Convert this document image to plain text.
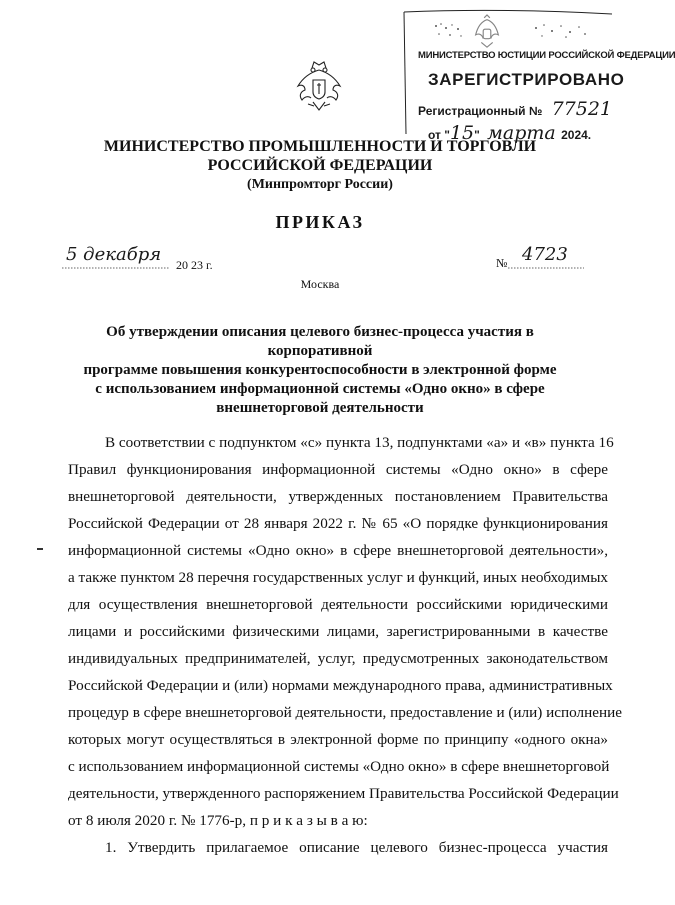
МИНИСТЕРСТВО ЮСТИЦИИ РОССИЙСКОЙ ФЕДЕРАЦИИ
ЗАРЕГИСТРИРОВАНО
Регистрационный № 77521
от "15" марта 2024.
МИНИСТЕРСТВО ПРОМЫШЛЕННОСТИ И ТОРГОВЛИ
РОССИЙСКОЙ ФЕДЕРАЦИИ
(Минпромторг России)
ПРИКАЗ
5 декабря 20 23 г.	№ 4723
Москва
Об утверждении описания целевого бизнес-процесса участия в корпоративной
программе повышения конкурентоспособности в электронной форме
с использованием информационной системы «Одно окно» в сфере
внешнеторговой деятельности
В соответствии с подпунктом «с» пункта 13, подпунктами «а» и «в» пункта 16
Правил функционирования информационной системы «Одно окно» в сфере
внешнеторговой деятельности, утвержденных постановлением Правительства
Российской Федерации от 28 января 2022 г. № 65 «О порядке функционирования
информационной системы «Одно окно» в сфере внешнеторговой деятельности»,
а также пунктом 28 перечня государственных услуг и функций, иных необходимых
для осуществления внешнеторговой деятельности российскими юридическими
лицами и российскими физическими лицами, зарегистрированными в качестве
индивидуальных предпринимателей, услуг, предусмотренных законодательством
Российской Федерации и (или) нормами международного права, административных
процедур в сфере внешнеторговой деятельности, предоставление и (или) исполнение
которых могут осуществляться в электронной форме по принципу «одного окна»
с использованием информационной системы «Одно окно» в сфере внешнеторговой
деятельности, утвержденного распоряжением Правительства Российской Федерации
от 8 июля 2020 г. № 1776-р, п р и к а з ы в а ю:
1. Утвердить прилагаемое описание целевого бизнес-процесса участия
